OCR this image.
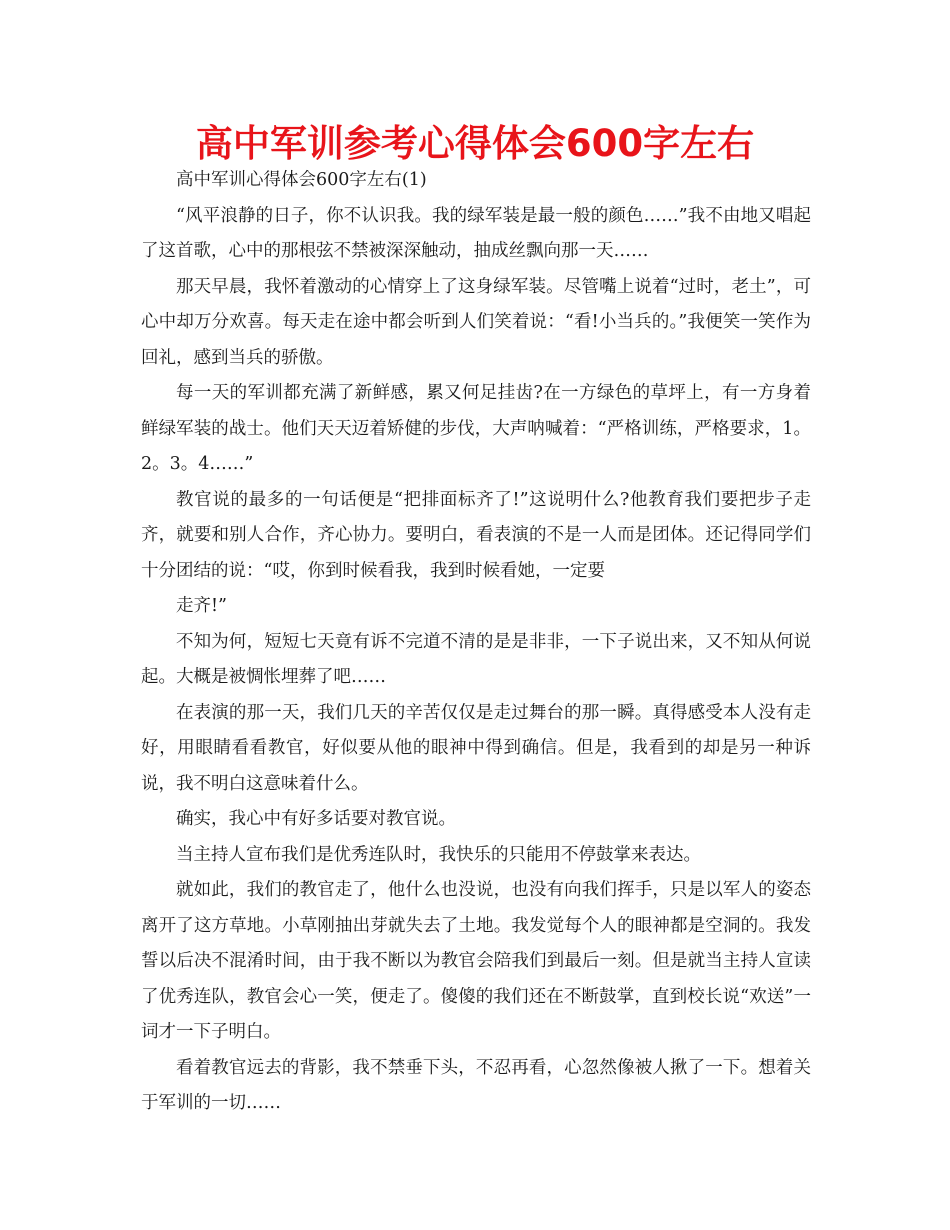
高中军训参考心得体会600字左右

高中军训心得体会600字左右(1)

“风平浪静的日子，你不认识我。我的绿军装是最一般的颜色……”我不由地又唱起了这首歌，心中的那根弦不禁被深深触动，抽成丝飘向那一天……

那天早晨，我怀着激动的心情穿上了这身绿军装。尽管嘴上说着“过时，老土”，可心中却万分欢喜。每天走在途中都会听到人们笑着说：“看!小当兵的。”我便笑一笑作为回礼，感到当兵的骄傲。

每一天的军训都充满了新鲜感，累又何足挂齿?在一方绿色的草坪上，有一方身着鲜绿军装的战士。他们天天迈着矫健的步伐，大声呐喊着：“严格训练，严格要求，1。2。3。4……”

教官说的最多的一句话便是“把排面标齐了!”这说明什么?他教育我们要把步子走齐，就要和别人合作，齐心协力。要明白，看表演的不是一人而是团体。还记得同学们十分团结的说：“哎，你到时候看我，我到时候看她，一定要

走齐!”

不知为何，短短七天竟有诉不完道不清的是是非非，一下子说出来，又不知从何说起。大概是被惆怅埋葬了吧……

在表演的那一天，我们几天的辛苦仅仅是走过舞台的那一瞬。真得感受本人没有走好，用眼睛看看教官，好似要从他的眼神中得到确信。但是，我看到的却是另一种诉说，我不明白这意味着什么。

确实，我心中有好多话要对教官说。

当主持人宣布我们是优秀连队时，我快乐的只能用不停鼓掌来表达。

就如此，我们的教官走了，他什么也没说，也没有向我们挥手，只是以军人的姿态离开了这方草地。小草刚抽出芽就失去了土地。我发觉每个人的眼神都是空洞的。我发誓以后决不混淆时间，由于我不断以为教官会陪我们到最后一刻。但是就当主持人宣读了优秀连队，教官会心一笑，便走了。傻傻的我们还在不断鼓掌，直到校长说“欢送”一词才一下子明白。

看着教官远去的背影，我不禁垂下头，不忍再看，心忽然像被人揪了一下。想着关于军训的一切……
